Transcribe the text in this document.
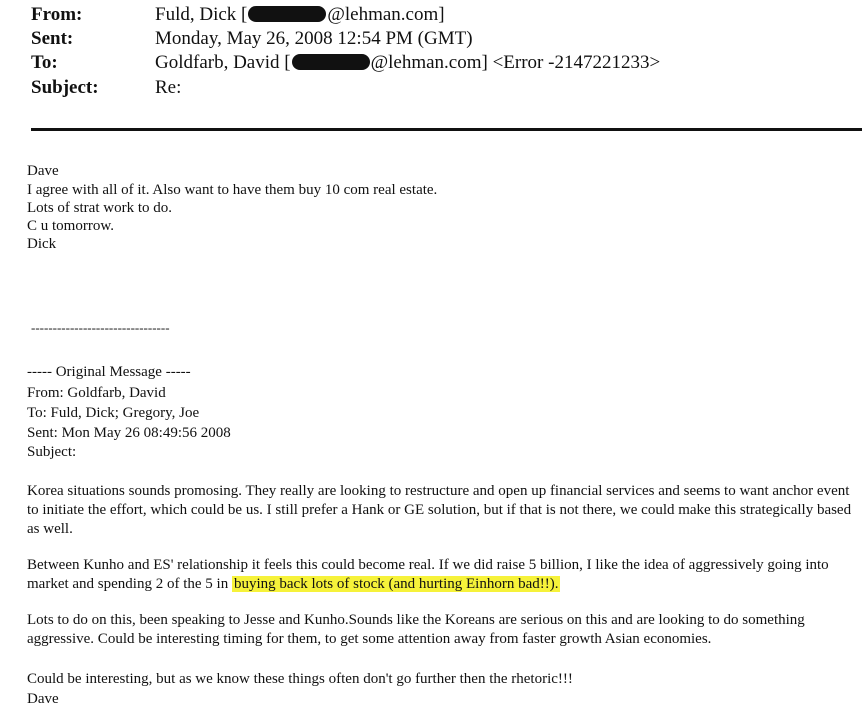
From:	Fuld, Dick [	@lehman.com]
Sent:	Monday, May 26, 2008 12:54 PM (GMT)
To:	Goldfarb, David [	@lehman.com] <Error -2147221233>
Subject:	Re:
Dave
I agree with all of it. Also want to have them buy 10 com real estate.
Lots of strat work to do.
C u tomorrow.
Dick
--------------------------------
----- Original Message -----
From: Goldfarb, David
To: Fuld, Dick; Gregory, Joe
Sent: Mon May 26 08:49:56 2008
Subject:
Korea situations sounds promosing. They really are looking to restructure and open up financial services and seems to want anchor event to initiate the effort, which could be us. I still prefer a Hank or GE solution, but if that is not there, we could make this strategically based as well.
Between Kunho and ES' relationship it feels this could become real. If we did raise 5 billion, I like the idea of aggressively going into market and spending 2 of the 5 in buying back lots of stock (and hurting Einhorn bad!!).
Lots to do on this, been speaking to Jesse and Kunho.Sounds like the Koreans are serious on this and are looking to do something aggressive. Could be interesting timing for them, to get some attention away from faster growth Asian economies.
Could be interesting, but as we know these things often don't go further then the rhetoric!!!
Dave
